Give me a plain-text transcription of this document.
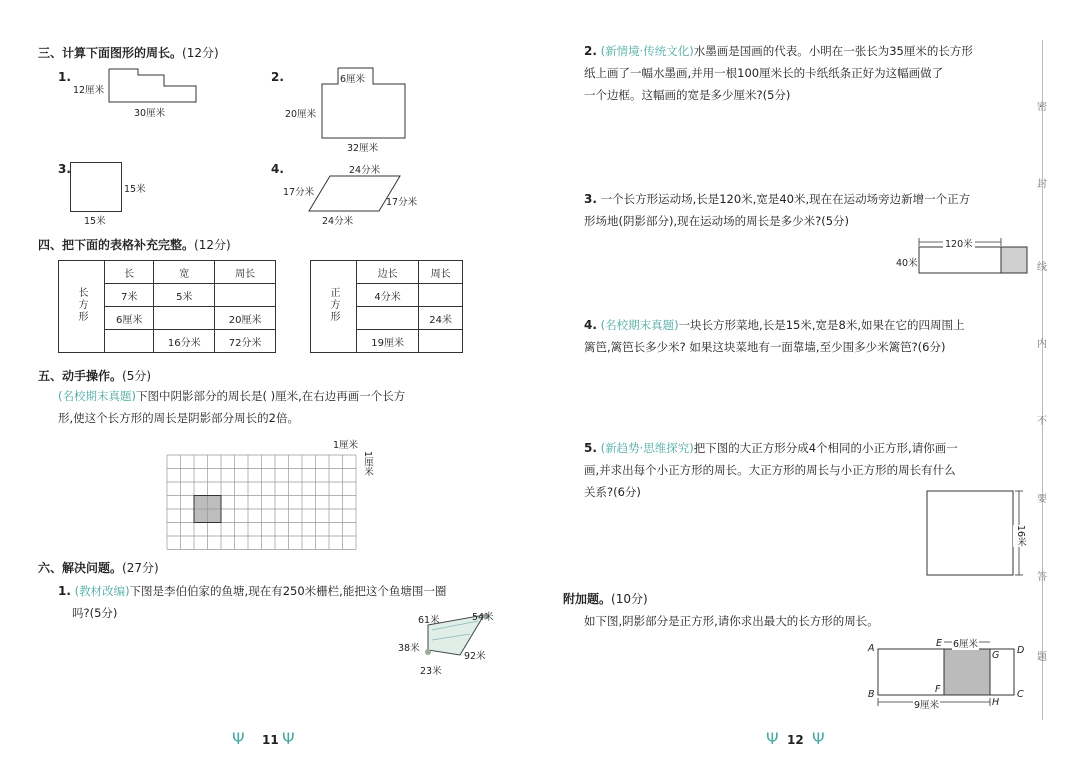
三、计算下面图形的周长。(12分)
1.
12厘米
30厘米
2.	6厘米
20厘米
32厘米
3.
15米
15米
4.	24分米
17分米
17分米
24分米
四、把下面的表格补充完整。(12分)
长方形	长	宽	周长
	7米	5米	
	6厘米		20厘米
		16分米	72分米
正方形	边长	周长
	4分米	
		24米
	19厘米	
五、动手操作。(5分)
(名校期末真题)下图中阴影部分的周长是( )厘米,在右边再画一个长方
形,使这个长方形的周长是阴影部分周长的2倍。
1厘米
1厘米
六、解决问题。(27分)
1. (教材改编)下图是李伯伯家的鱼塘,现在有250米栅栏,能把这个鱼塘围一圈
吗?(5分)
61米	54米
38米
92米
23米
Ψ 11 Ψ
2. (新情境·传统文化)水墨画是国画的代表。小明在一张长为35厘米的长方形
纸上画了一幅水墨画,并用一根100厘米长的卡纸纸条正好为这幅画做了
一个边框。这幅画的宽是多少厘米?(5分)
3. 一个长方形运动场,长是120米,宽是40米,现在在运动场旁边新增一个正方
形场地(阴影部分),现在运动场的周长是多少米?(5分)
120米
40米
4. (名校期末真题)一块长方形菜地,长是15米,宽是8米,如果在它的四周围上
篱笆,篱笆长多少米? 如果这块菜地有一面靠墙,至少围多少米篱笆?(6分)
5. (新趋势·思维探究)把下图的大正方形分成4个相同的小正方形,请你画一
画,并求出每个小正方形的周长。大正方形的周长与小正方形的周长有什么
关系?(6分)
16米
附加题。(10分)
如下图,阴影部分是正方形,请你求出最大的长方形的周长。
6厘米
9厘米
A
B	C
D
E
F
G
H
Ψ 12 Ψ
密
封
线
内
不
要
答
题
